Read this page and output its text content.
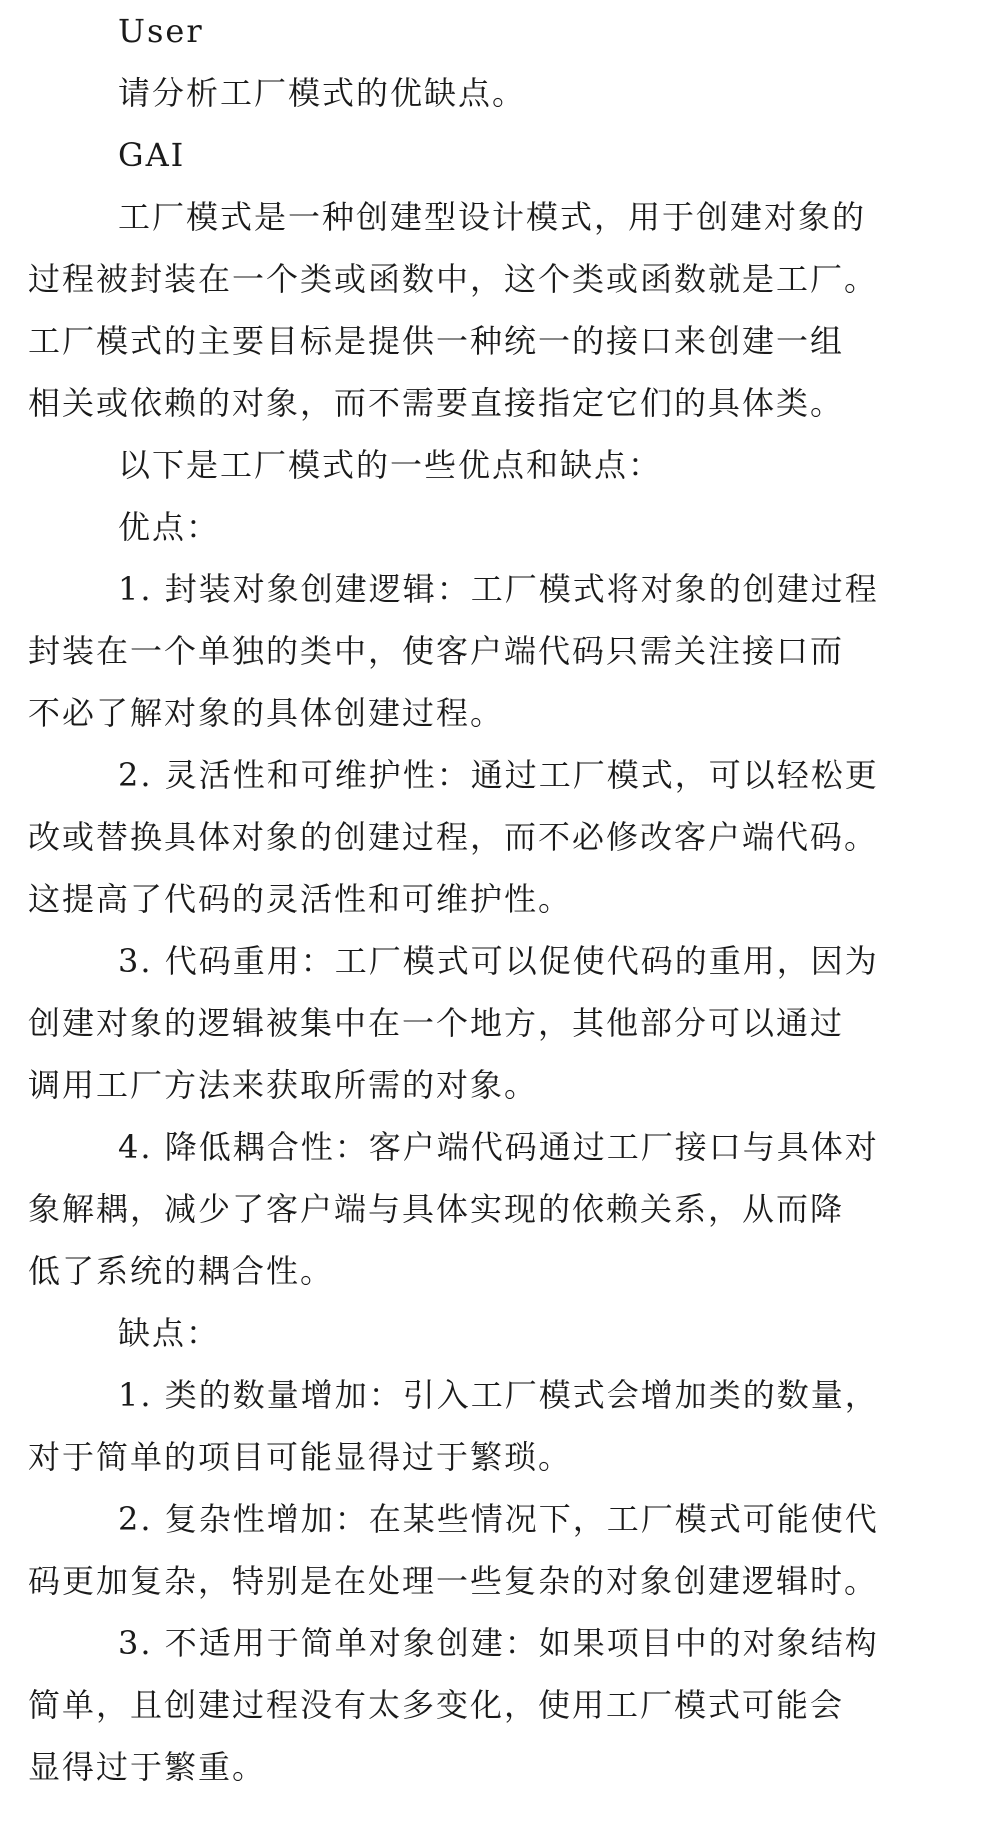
User

请分析工厂模式的优缺点。

GAI

工厂模式是一种创建型设计模式，用于创建对象的

过程被封装在一个类或函数中，这个类或函数就是工厂。

工厂模式的主要目标是提供一种统一的接口来创建一组

相关或依赖的对象，而不需要直接指定它们的具体类。

以下是工厂模式的一些优点和缺点：

优点：

1. 封装对象创建逻辑：工厂模式将对象的创建过程

封装在一个单独的类中，使客户端代码只需关注接口而

不必了解对象的具体创建过程。

2. 灵活性和可维护性：通过工厂模式，可以轻松更

改或替换具体对象的创建过程，而不必修改客户端代码。

这提高了代码的灵活性和可维护性。

3. 代码重用：工厂模式可以促使代码的重用，因为

创建对象的逻辑被集中在一个地方，其他部分可以通过

调用工厂方法来获取所需的对象。

4. 降低耦合性：客户端代码通过工厂接口与具体对

象解耦，减少了客户端与具体实现的依赖关系，从而降

低了系统的耦合性。

缺点：

1. 类的数量增加：引入工厂模式会增加类的数量，

对于简单的项目可能显得过于繁琐。

2. 复杂性增加：在某些情况下，工厂模式可能使代

码更加复杂，特别是在处理一些复杂的对象创建逻辑时。

3. 不适用于简单对象创建：如果项目中的对象结构

简单，且创建过程没有太多变化，使用工厂模式可能会

显得过于繁重。
